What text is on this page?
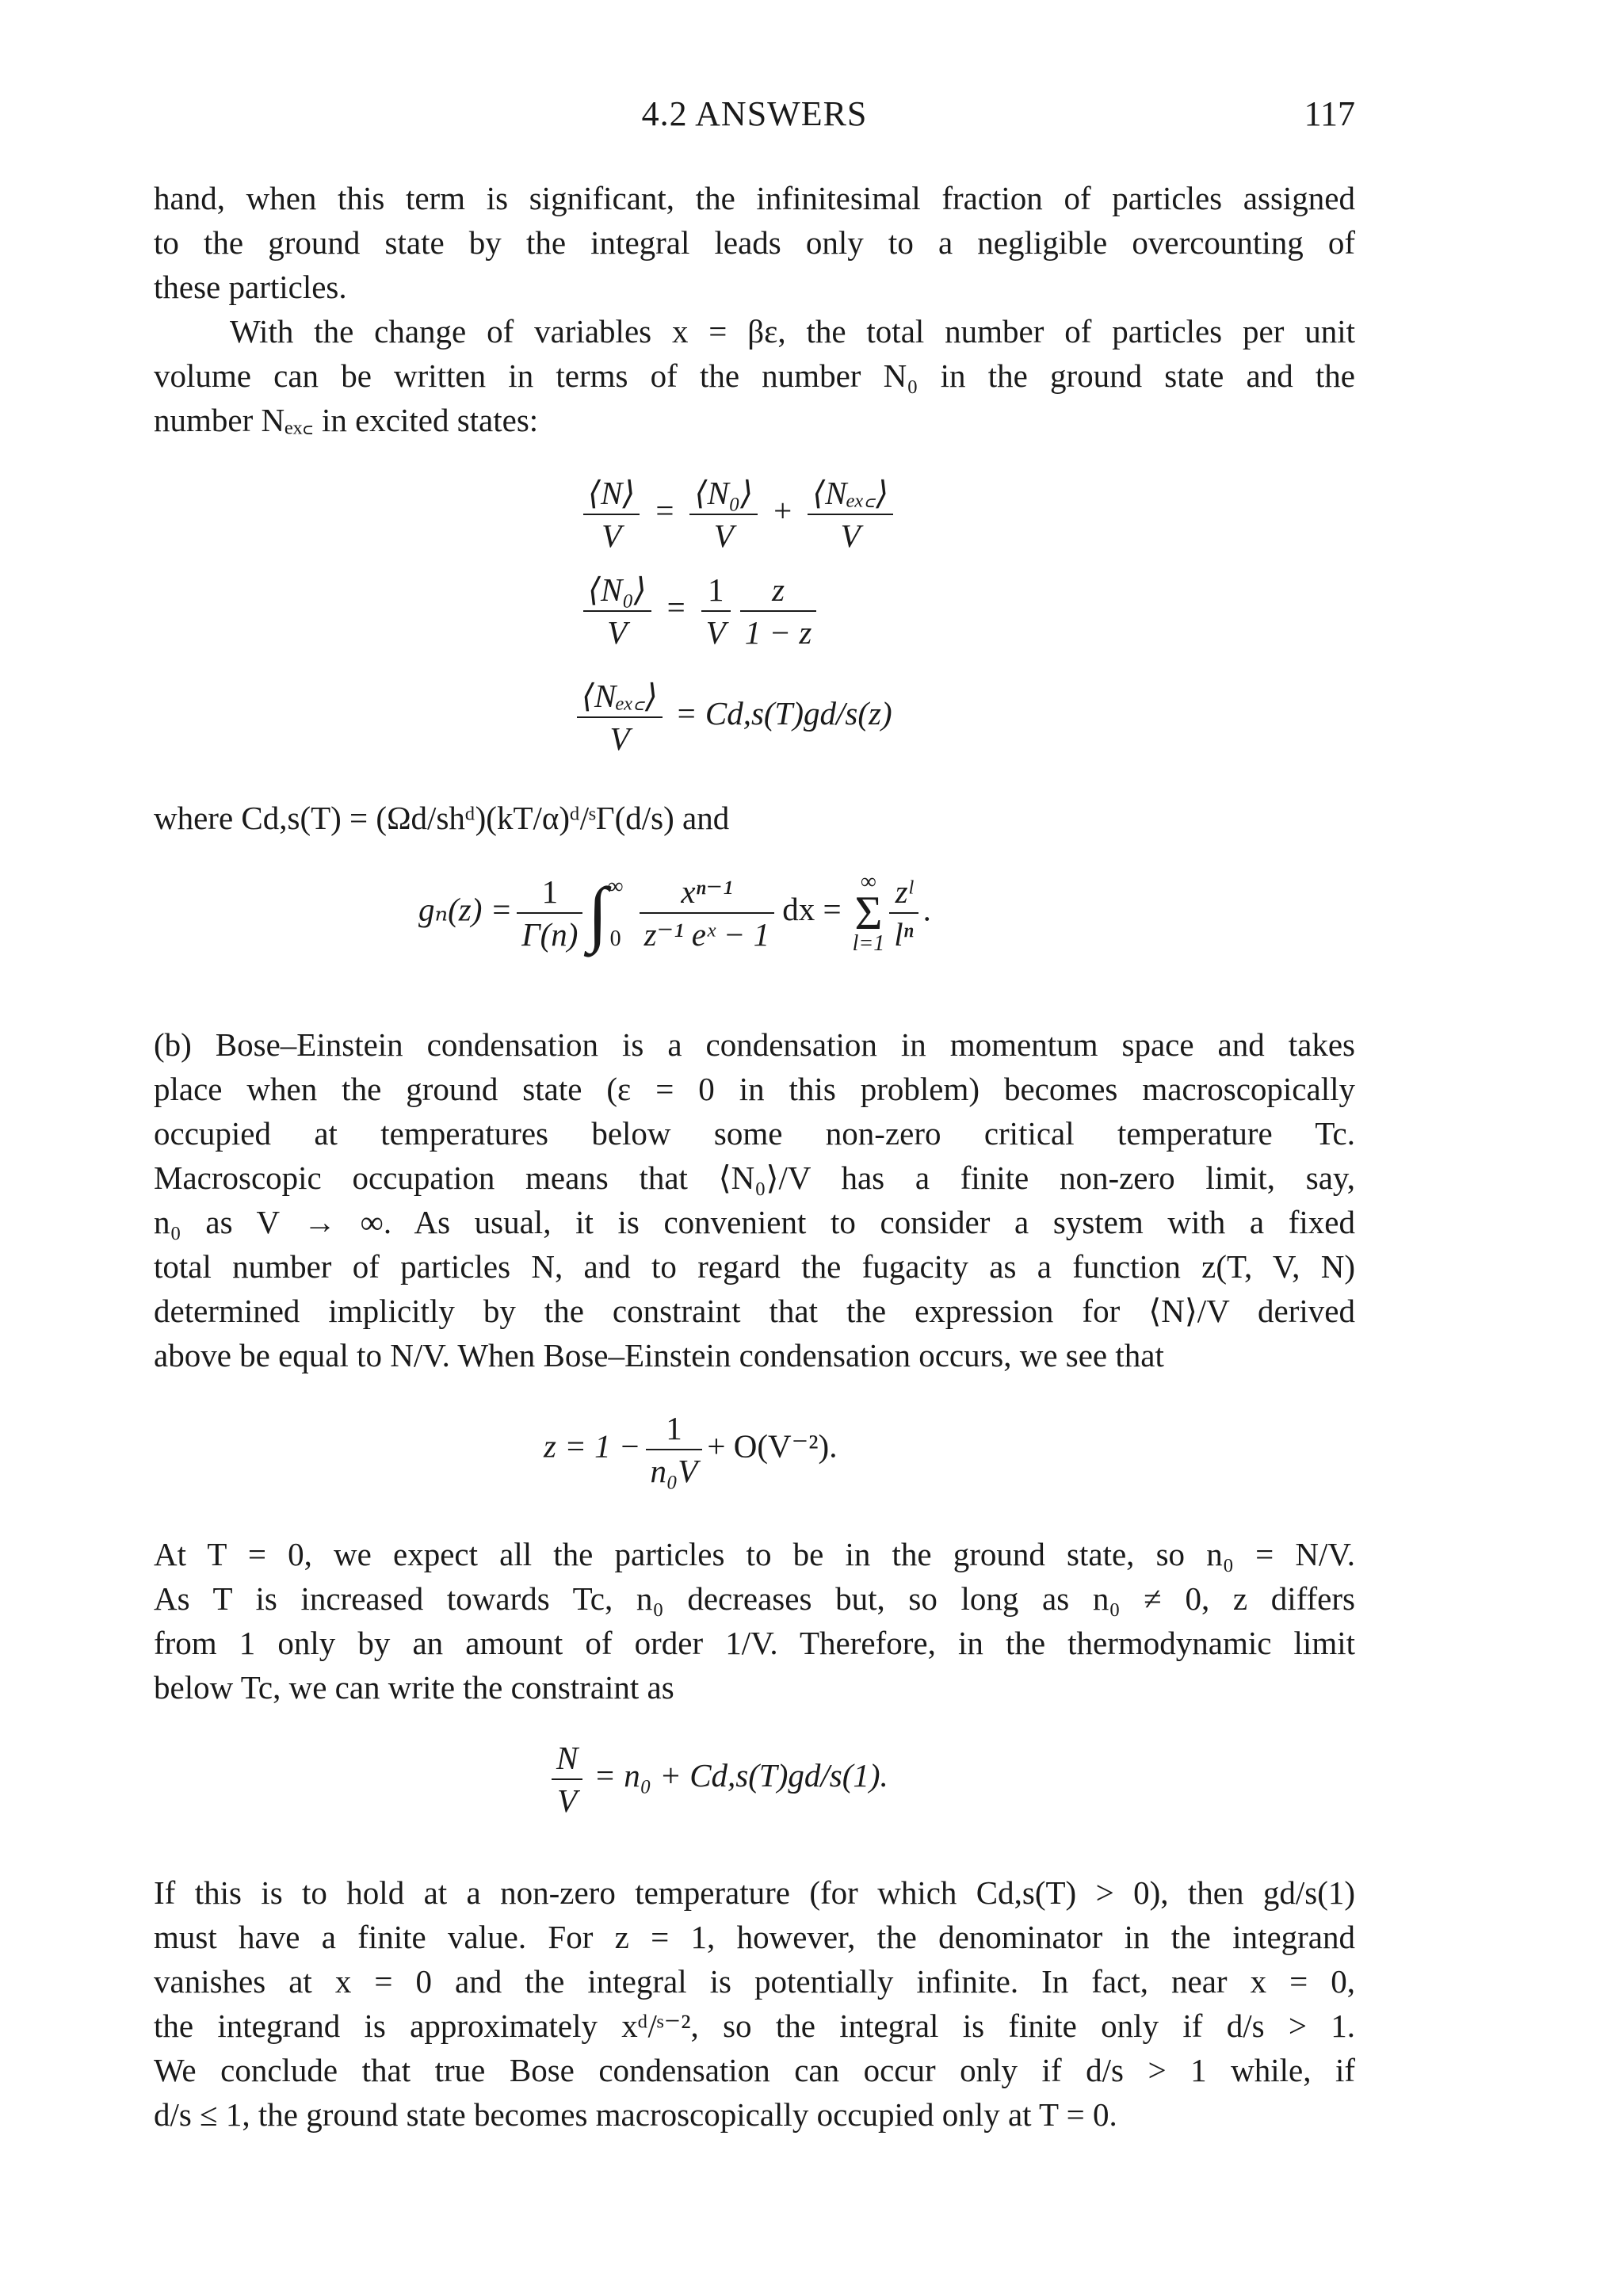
4.2 ANSWERS	117
hand, when this term is significant, the infinitesimal fraction of particles assigned
to the ground state by the integral leads only to a negligible overcounting of
these particles.
With the change of variables x = βε, the total number of particles per unit
volume can be written in terms of the number N₀ in the ground state and the
number Nₑₓ꜀ in excited states:
$\frac{⟨N⟩}{V} = \frac{\text{⟨N₀⟩}}{V} + \frac{\text{⟨Nₑₓ꜀⟩}}{V}$
$\frac{\text{⟨N₀⟩}}{V} = \frac{1}{V} \frac{z}{1 - z}$
$\frac{\text{⟨Nₑₓ꜀⟩}}{V} = Cd,s(T)gd/s(z)$
where Cd,s(T) = (Ωd/shᵈ)(kT/α)ᵈ/ˢΓ(d/s) and
$g_n(z) = \frac{1}{\Gamma(n)}$ ∫ ∞
$0 \frac{\text{xⁿ⁻¹}}{\text{z⁻¹ eˣ − 1}}$ dx =
∞
Σ
$l=1 \frac{\text{zˡ}}{\text{lⁿ}}$ .
(b) Bose–Einstein condensation is a condensation in momentum space and takes
place when the ground state (ε = 0 in this problem) becomes macroscopically
occupied at temperatures below some non-zero critical temperature Tc.
Macroscopic occupation means that ⟨N₀⟩/V has a finite non-zero limit, say,
n₀ as V → ∞. As usual, it is convenient to consider a system with a fixed
total number of particles N, and to regard the fugacity as a function z(T, V, N)
determined implicitly by the constraint that the expression for ⟨N⟩/V derived
above be equal to N/V. When Bose–Einstein condensation occurs, we see that
$z = 1 - \frac{1}{\text{n₀V}} + O(V^{-2})$.
At T = 0, we expect all the particles to be in the ground state, so n₀ = N/V.
As T is increased towards Tc, n₀ decreases but, so long as n₀ ≠ 0, z differs
from 1 only by an amount of order 1/V. Therefore, in the thermodynamic limit
below Tc, we can write the constraint as
$\frac{N}{V} = n_0 + Cd,s(T)gd/s(1)$.
If this is to hold at a non-zero temperature (for which Cd,s(T) > 0), then gd/s(1)
must have a finite value. For z = 1, however, the denominator in the integrand
vanishes at x = 0 and the integral is potentially infinite. In fact, near x = 0,
the integrand is approximately xᵈ/ˢ⁻², so the integral is finite only if d/s > 1.
We conclude that true Bose condensation can occur only if d/s > 1 while, if
d/s ≤ 1, the ground state becomes macroscopically occupied only at T = 0.
